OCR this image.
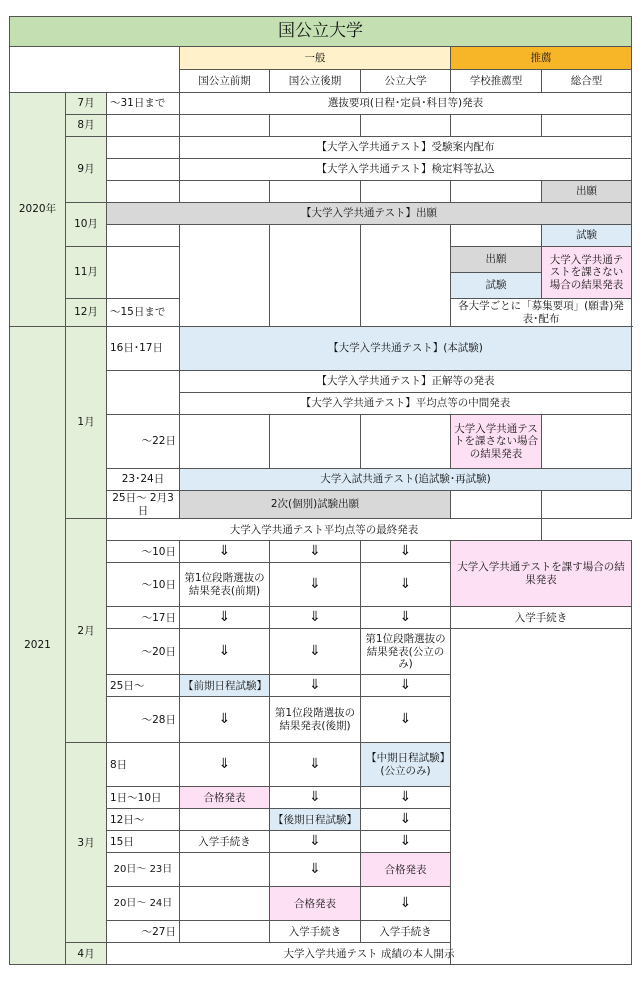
国公立大学								
			一般			推薦		
			国公立前期	国公立後期	公立大学	学校推薦型	総合型	
2020年	7月	～31日まで	選抜要項(日程･定員･科目等)発表					
	8月							
	9月		【大学入学共通テスト】受験案内配布					
			【大学入学共通テスト】検定料等払込					
							出願	
	10月	【大学入学共通テスト】出願						
							試験	
	11月					出願	大学入学共通テストを課さない場合の結果発表	
						試験		
	12月	～15日まで				各大学ごとに「募集要項」(願書)発表･配布		

2021	1月	16日･17日	【大学入学共通テスト】(本試験)					
			【大学入学共通テスト】正解等の発表					
			【大学入学共通テスト】平均点等の中間発表					
		～22日				大学入学共通テストを課さない場合の結果発表		
		23･24日	大学入試共通テスト(追試験･再試験)					
		25日～ 2月3日	2次(個別)試験出願					

	2月	大学入学共通テスト平均点等の最終発表						
		～10日	⇓	⇓	⇓	大学入学共通テストを課す場合の結果発表		
		～10日	第1位段階選抜の結果発表(前期)	⇓	⇓			
		～17日	⇓	⇓	⇓	入学手続き		
		～20日	⇓	⇓	第1位段階選抜の結果発表(公立のみ)			
		25日～	【前期日程試験】	⇓	⇓			
		～28日	⇓	第1位段階選抜の結果発表(後期)	⇓			

	3月	8日	⇓	⇓	【中期日程試験】(公立のみ)			
		1日～10日	合格発表	⇓	⇓			
		12日～		【後期日程試験】	⇓			
		15日	入学手続き	⇓	⇓			
		20日～ 23日		⇓	合格発表			
		20日～ 24日		合格発表	⇓			
		～27日		入学手続き	入学手続き			

	4月	大学入学共通テスト 成績の本人開示						
